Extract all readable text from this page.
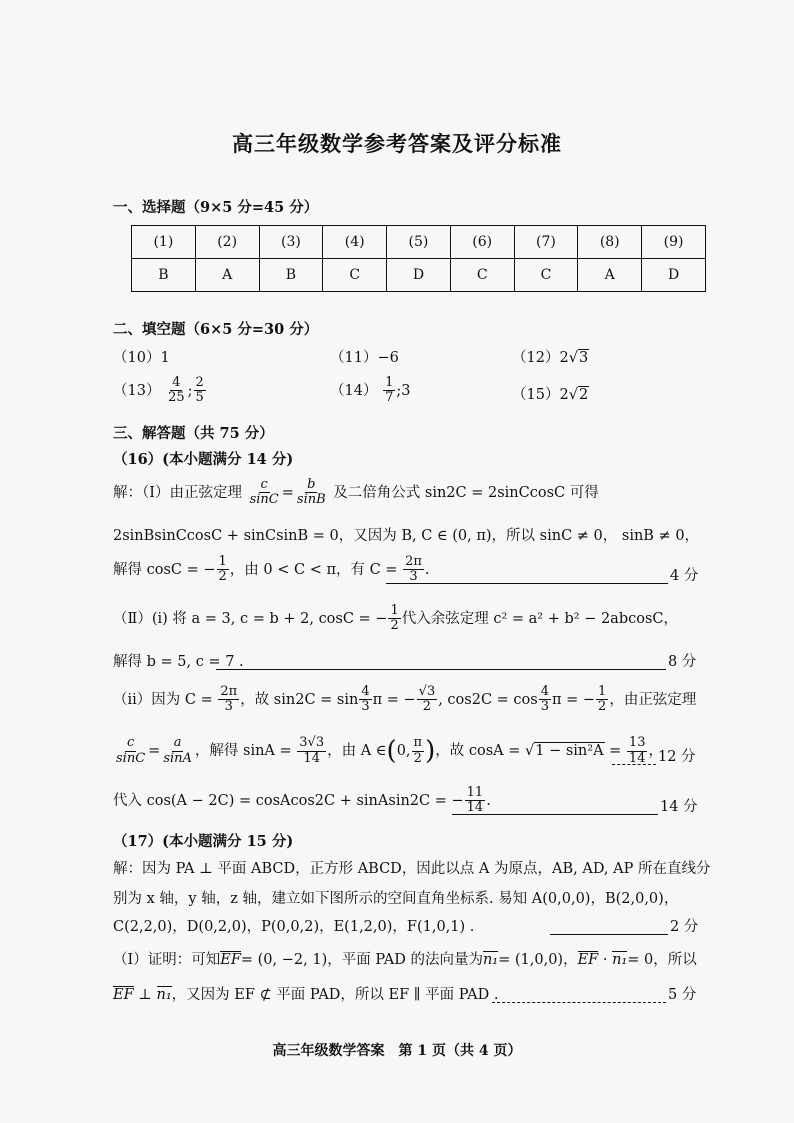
高三年级数学参考答案及评分标准
一、选择题（9×5 分=45 分）
(1)	(2)	(3)	(4)	(5)	(6)	(7)	(8)	(9)
B	A	B	C	D	C	C	A	D
二、填空题（6×5 分=30 分）
（10）1	（11）−6	（12）2√3
$(13) \frac{4}{25}$ ; $\frac{2}{5}$	$(14) \frac{1}{7}$ ;3	（15）2√2
三、解答题（共 75 分）
（16）(本小题满分 14 分)
解：（Ⅰ）由正弦定理 $\frac{c}{\sin C} = \frac{b}{\sin B}$ 及二倍角公式 sin2C = 2sinCcosC 可得
2sinBsinCcosC + sinCsinB = 0，又因为 B, C ∈ (0, π)，所以 sinC ≠ 0， sinB ≠ 0，
解得 cosC = − $\frac{1}{2}$ ，由 0 < C < π，有 $C = \frac{2\pi}{3}$ .	4 分
（Ⅱ）(i) 将 a = 3, c = b + 2, cosC = − $\frac{1}{2}$ 代入余弦定理 c² = a² + b² − 2abcosC，
解得 b = 5, c = 7 .	8 分
（ii）因为 $C = \frac{2\pi}{3}$ ，故 $\sin 2C = \sin \frac{4}{3}$ π = − $\frac{√3}{2}$ , $\cos 2C = \cos \frac{4}{3}$ π = − $\frac{1}{2}$ ，由正弦定理
$\frac{c}{\sin C} = \frac{a}{\sin A}$ ，解得 $\sin A = \frac{3√3}{14}$ ，由 A ∈(0, $\frac{\pi}{2}$ )，故 $\cos A = √1 - \sin^2A = \frac{13}{14}$ ，
12 分
代入 cos(A − 2C) = cosAcos2C + sinAsin2C = − $\frac{11}{14}$ .	14 分
（17）(本小题满分 15 分)
解：因为 PA ⊥ 平面 ABCD，正方形 ABCD，因此以点 A 为原点，AB, AD, AP 所在直线分
别为 x 轴，y 轴，z 轴，建立如下图所示的空间直角坐标系. 易知 A(0,0,0)，B(2,0,0)，
C(2,2,0)，D(0,2,0)，P(0,0,2)，E(1,2,0)，F(1,0,1) .	2 分
（Ⅰ）证明：可知EF= (0, −2, 1)，平面 PAD 的法向量为n₁= (1,0,0)，EF · n₁= 0，所以
EF ⊥ n₁，又因为 EF ⊄ 平面 PAD，所以 EF ∥ 平面 PAD .	5 分
高三年级数学答案　第 1 页（共 4 页）
